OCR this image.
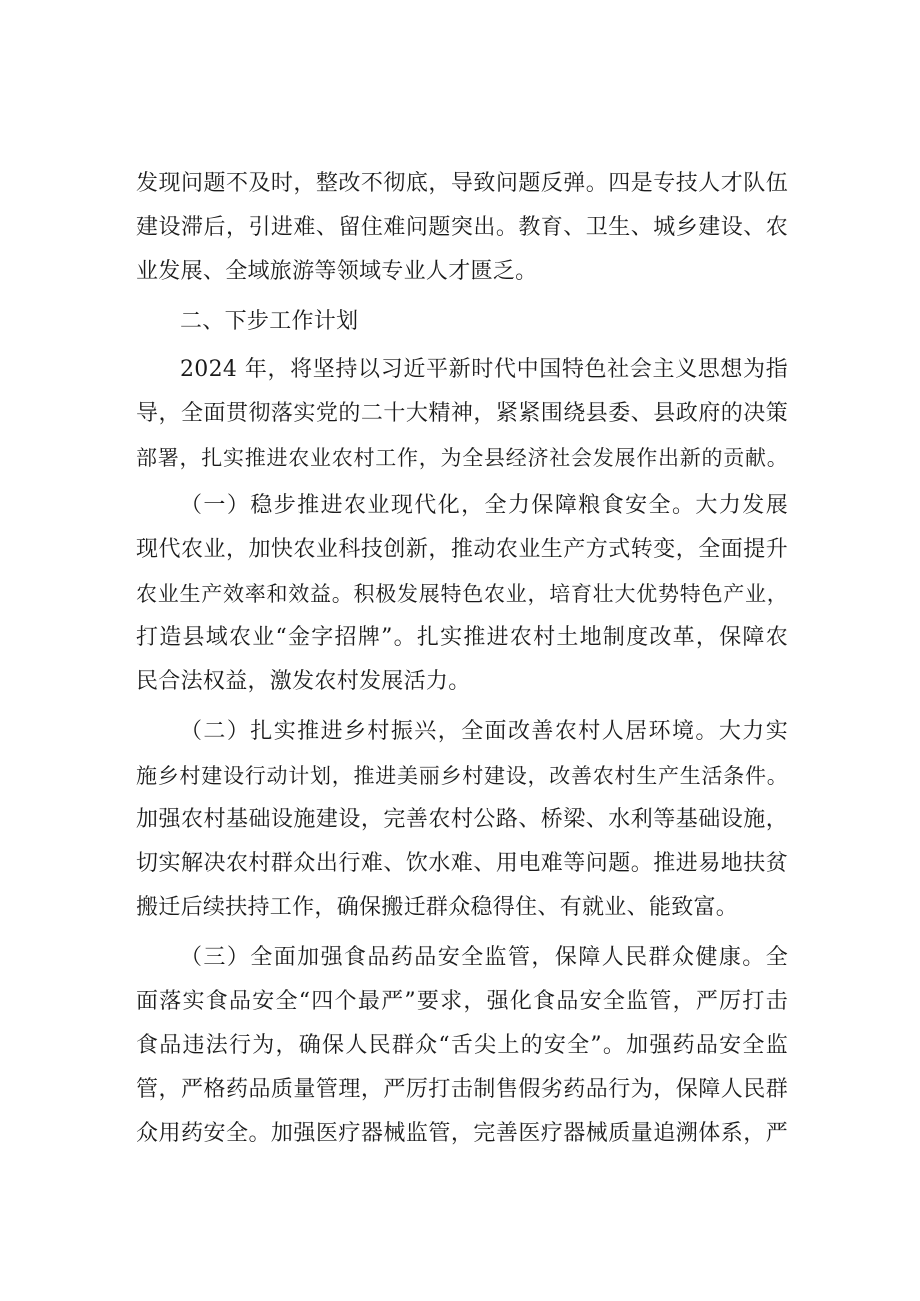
发现问题不及时，整改不彻底，导致问题反弹。四是专技人才队伍
建设滞后，引进难、留住难问题突出。教育、卫生、城乡建设、农
业发展、全域旅游等领域专业人才匮乏。
二、下步工作计划
2024 年，将坚持以习近平新时代中国特色社会主义思想为指
导，全面贯彻落实党的二十大精神，紧紧围绕县委、县政府的决策
部署，扎实推进农业农村工作，为全县经济社会发展作出新的贡献。
（一）稳步推进农业现代化，全力保障粮食安全。大力发展
现代农业，加快农业科技创新，推动农业生产方式转变，全面提升
农业生产效率和效益。积极发展特色农业，培育壮大优势特色产业，
打造县域农业“金字招牌”。扎实推进农村土地制度改革，保障农
民合法权益，激发农村发展活力。
（二）扎实推进乡村振兴，全面改善农村人居环境。大力实
施乡村建设行动计划，推进美丽乡村建设，改善农村生产生活条件。
加强农村基础设施建设，完善农村公路、桥梁、水利等基础设施，
切实解决农村群众出行难、饮水难、用电难等问题。推进易地扶贫
搬迁后续扶持工作，确保搬迁群众稳得住、有就业、能致富。
（三）全面加强食品药品安全监管，保障人民群众健康。全
面落实食品安全“四个最严”要求，强化食品安全监管，严厉打击
食品违法行为，确保人民群众“舌尖上的安全”。加强药品安全监
管，严格药品质量管理，严厉打击制售假劣药品行为，保障人民群
众用药安全。加强医疗器械监管，完善医疗器械质量追溯体系，严
